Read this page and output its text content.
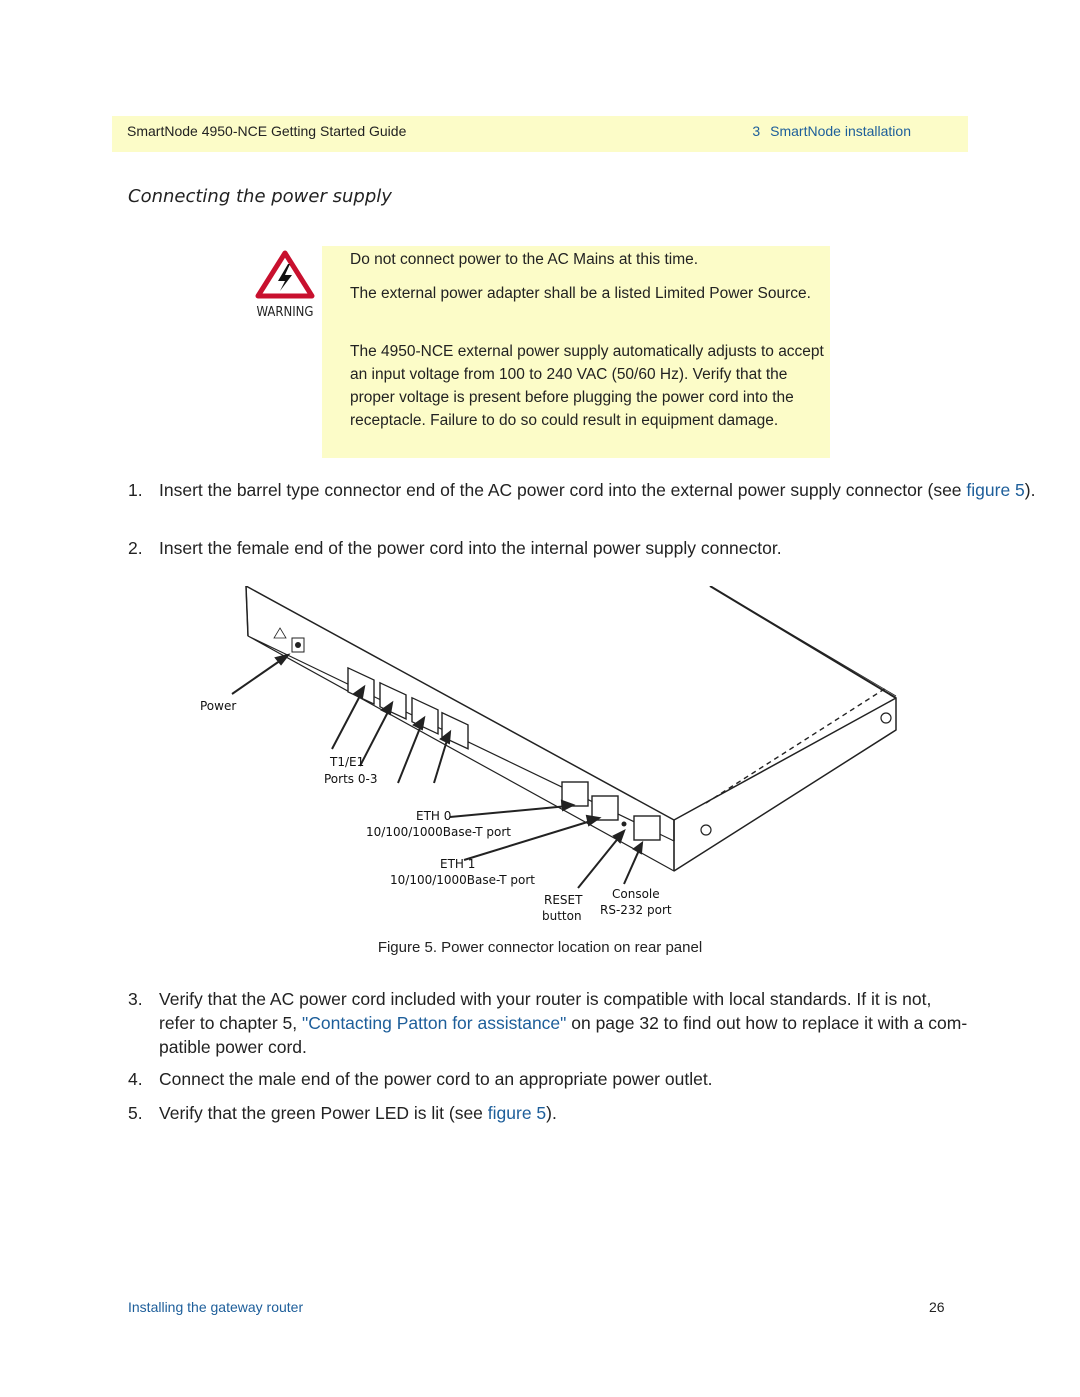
SmartNode 4950-NCE Getting Started Guide	3 SmartNode installation
Connecting the power supply
WARNING

Do not connect power to the AC Mains at this time.

The external power adapter shall be a listed Limited Power Source.

The 4950-NCE external power supply automatically adjusts to accept an input voltage from 100 to 240 VAC (50/60 Hz). Verify that the proper voltage is present before plugging the power cord into the receptacle. Failure to do so could result in equipment damage.

1. Insert the barrel type connector end of the AC power cord into the external power supply connector (see figure 5).
2. Insert the female end of the power cord into the internal power supply connector.
Power
T1/E1
Ports 0-3
ETH 0
10/100/1000Base-T port
ETH 1
10/100/1000Base-T port
RESET
button
Console
RS-232 port
Figure 5. Power connector location on rear panel
3. Verify that the AC power cord included with your router is compatible with local standards. If it is not,
refer to chapter 5, "Contacting Patton for assistance" on page 32 to find out how to replace it with a com-
patible power cord.
4. Connect the male end of the power cord to an appropriate power outlet.
5. Verify that the green Power LED is lit (see figure 5).
Installing the gateway router	26
